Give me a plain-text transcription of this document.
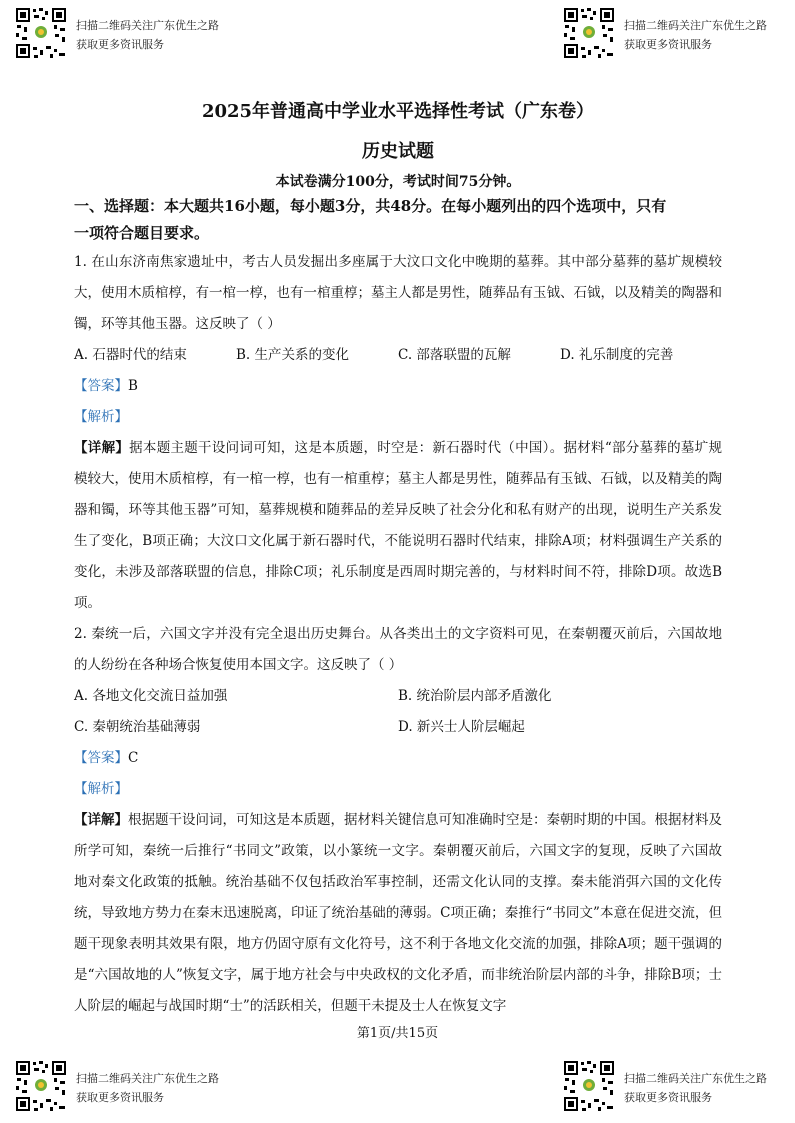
扫描二维码关注广东优生之路
获取更多资讯服务
扫描二维码关注广东优生之路
获取更多资讯服务
2025年普通高中学业水平选择性考试（广东卷）
历史试题
本试卷满分100分，考试时间75分钟。
一、选择题：本大题共16小题，每小题3分，共48分。在每小题列出的四个选项中，只有
一项符合题目要求。
1. 在山东济南焦家遗址中，考古人员发掘出多座属于大汶口文化中晚期的墓葬。其中部分墓葬的墓圹规模较大，使用木质棺椁，有一棺一椁，也有一棺重椁；墓主人都是男性，随葬品有玉钺、石钺，以及精美的陶器和镯，环等其他玉器。这反映了（ ）
A. 石器时代的结束	B. 生产关系的变化	C. 部落联盟的瓦解	D. 礼乐制度的完善
【答案】B
【解析】
【详解】据本题主题干设问词可知，这是本质题，时空是：新石器时代（中国）。据材料“部分墓葬的墓圹规模较大，使用木质棺椁，有一棺一椁，也有一棺重椁；墓主人都是男性，随葬品有玉钺、石钺，以及精美的陶器和镯，环等其他玉器”可知，墓葬规模和随葬品的差异反映了社会分化和私有财产的出现，说明生产关系发生了变化，B项正确；大汶口文化属于新石器时代，不能说明石器时代结束，排除A项；材料强调生产关系的变化，未涉及部落联盟的信息，排除C项；礼乐制度是西周时期完善的，与材料时间不符，排除D项。故选B项。
2. 秦统一后，六国文字并没有完全退出历史舞台。从各类出土的文字资料可见，在秦朝覆灭前后，六国故地的人纷纷在各种场合恢复使用本国文字。这反映了（ ）
A. 各地文化交流日益加强	B. 统治阶层内部矛盾激化
C. 秦朝统治基础薄弱	D. 新兴士人阶层崛起
【答案】C
【解析】
【详解】根据题干设问词，可知这是本质题，据材料关键信息可知准确时空是：秦朝时期的中国。根据材料及所学可知，秦统一后推行“书同文”政策，以小篆统一文字。秦朝覆灭前后，六国文字的复现，反映了六国故地对秦文化政策的抵触。统治基础不仅包括政治军事控制，还需文化认同的支撑。秦未能消弭六国的文化传统，导致地方势力在秦末迅速脱离，印证了统治基础的薄弱。C项正确；秦推行“书同文”本意在促进交流，但题干现象表明其效果有限，地方仍固守原有文化符号，这不利于各地文化交流的加强，排除A项；题干强调的是“六国故地的人”恢复文字，属于地方社会与中央政权的文化矛盾，而非统治阶层内部的斗争，排除B项；士人阶层的崛起与战国时期“士”的活跃相关，但题干未提及士人在恢复文字
第1页/共15页
扫描二维码关注广东优生之路
获取更多资讯服务
扫描二维码关注广东优生之路
获取更多资讯服务
